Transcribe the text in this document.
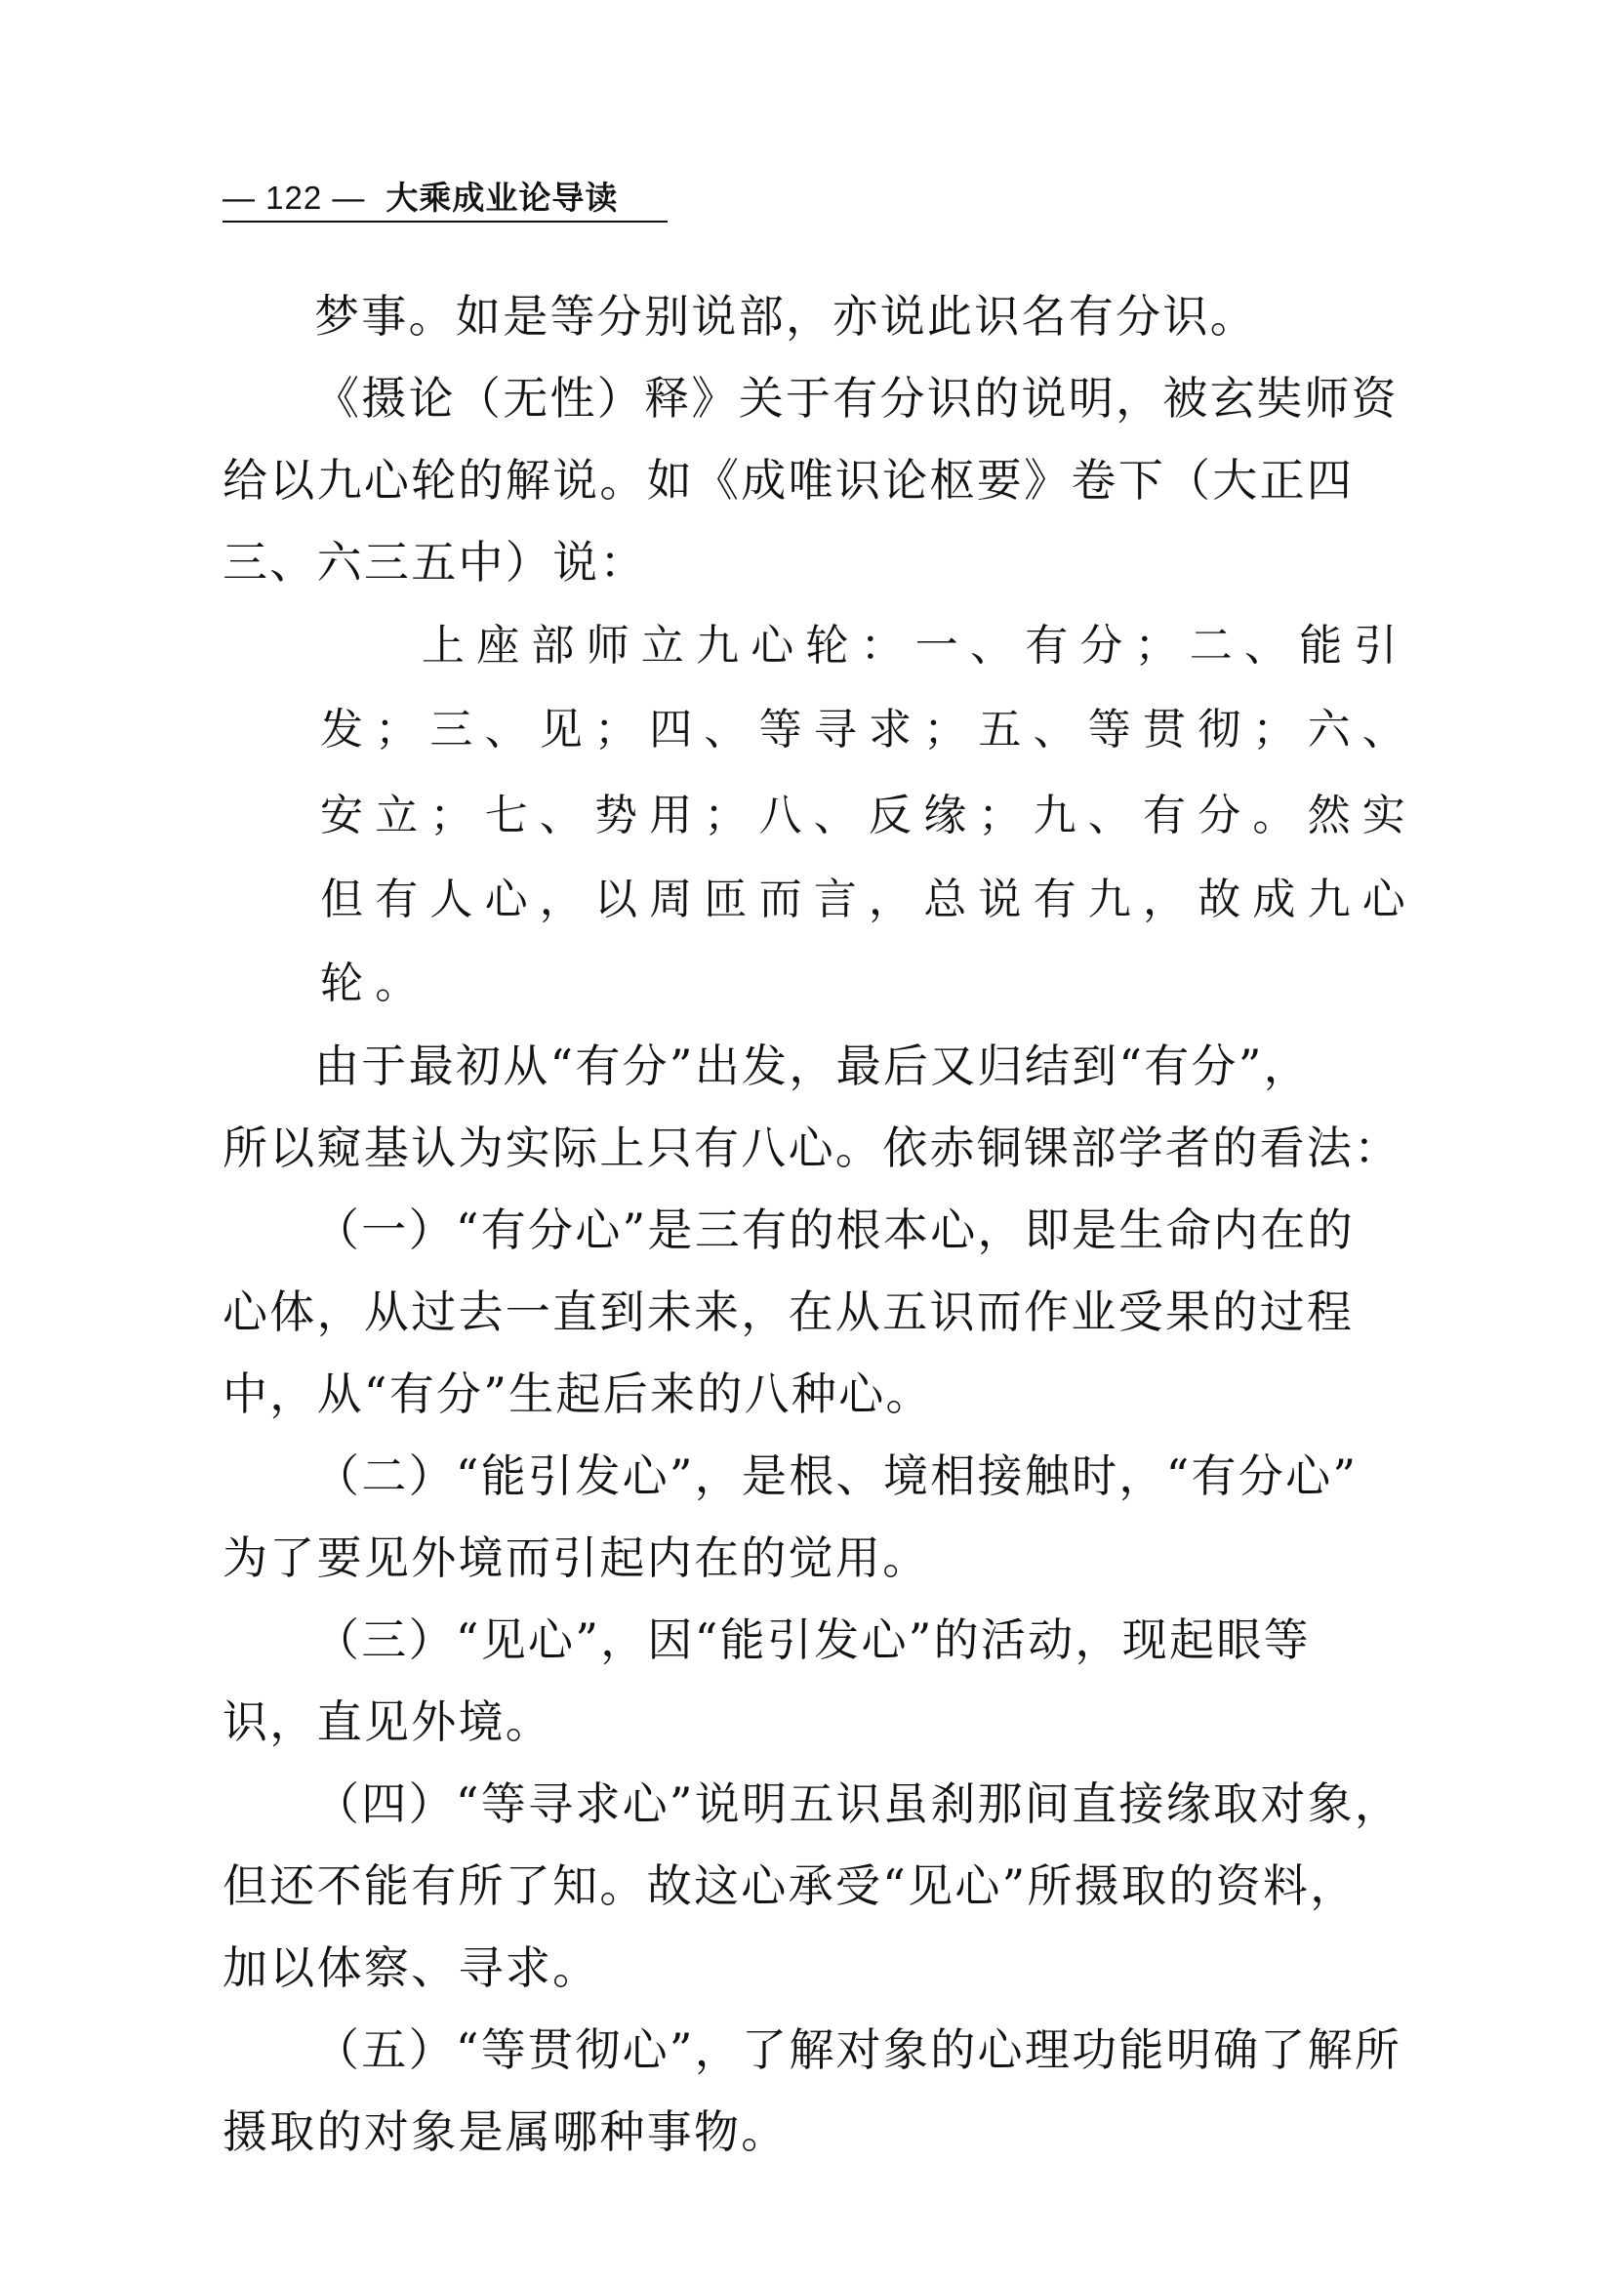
— 122 — 大乘成业论导读
梦事。如是等分别说部，亦说此识名有分识。
《摄论（无性）释》关于有分识的说明，被玄奘师资
给以九心轮的解说。如《成唯识论枢要》卷下（大正四
三、六三五中）说：
上座部师立九心轮：一、有分；二、能引
发；三、见；四、等寻求；五、等贯彻；六、
安立；七、势用；八、反缘；九、有分。然实
但有人心，以周匝而言，总说有九，故成九心
轮。
由于最初从“有分”出发，最后又归结到“有分”，
所以窥基认为实际上只有八心。依赤铜锞部学者的看法：
（一）“有分心”是三有的根本心，即是生命内在的
心体，从过去一直到未来，在从五识而作业受果的过程
中，从“有分”生起后来的八种心。
（二）“能引发心”，是根、境相接触时，“有分心”
为了要见外境而引起内在的觉用。
（三）“见心”，因“能引发心”的活动，现起眼等
识，直见外境。
（四）“等寻求心”说明五识虽刹那间直接缘取对象，
但还不能有所了知。故这心承受“见心”所摄取的资料，
加以体察、寻求。
（五）“等贯彻心”，了解对象的心理功能明确了解所
摄取的对象是属哪种事物。
